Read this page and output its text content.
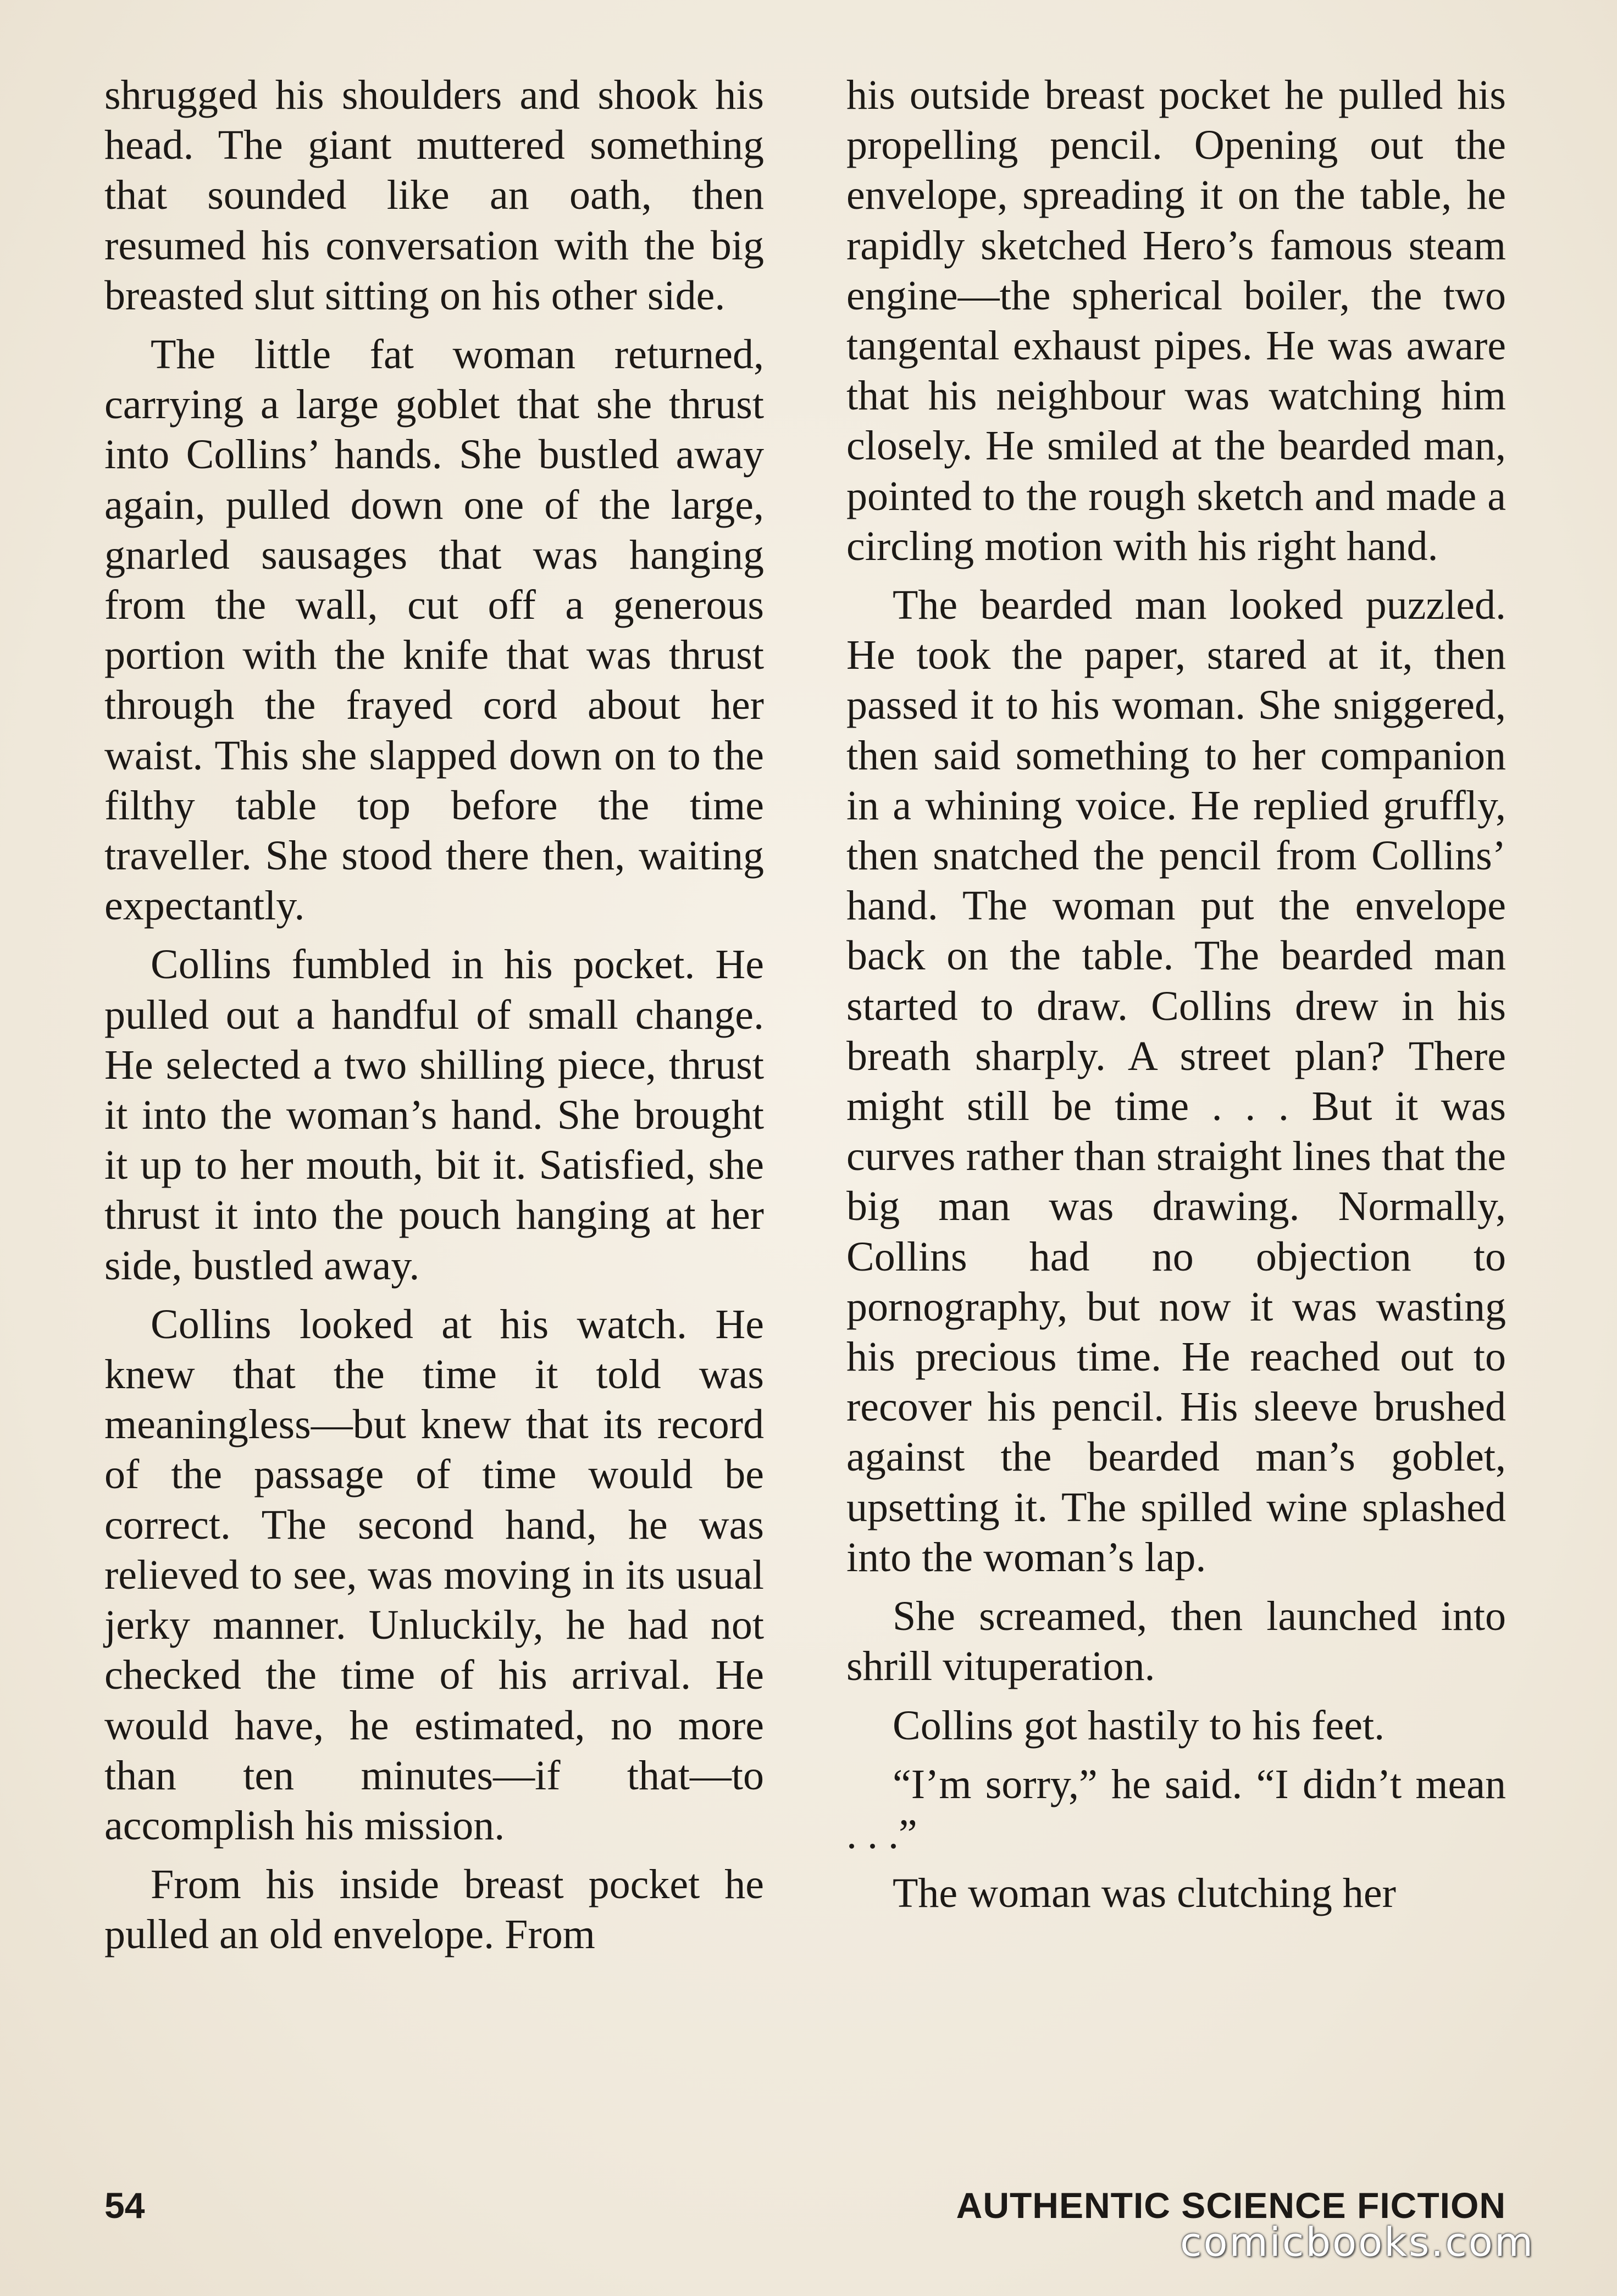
shrugged his shoulders and shook his head. The giant muttered something that sounded like an oath, then resumed his conversation with the big breasted slut sitting on his other side.

The little fat woman returned, carrying a large goblet that she thrust into Collins’ hands. She bustled away again, pulled down one of the large, gnarled sausages that was hanging from the wall, cut off a generous portion with the knife that was thrust through the frayed cord about her waist. This she slapped down on to the filthy table top before the time traveller. She stood there then, waiting expectantly.

Collins fumbled in his pocket. He pulled out a handful of small change. He selected a two shilling piece, thrust it into the woman’s hand. She brought it up to her mouth, bit it. Satisfied, she thrust it into the pouch hanging at her side, bustled away.

Collins looked at his watch. He knew that the time it told was meaningless—but knew that its record of the passage of time would be correct. The second hand, he was relieved to see, was moving in its usual jerky manner. Unluckily, he had not checked the time of his arrival. He would have, he estimated, no more than ten minutes—if that—to accomplish his mission.

From his inside breast pocket he pulled an old envelope. From

his outside breast pocket he pulled his propelling pencil. Opening out the envelope, spreading it on the table, he rapidly sketched Hero’s famous steam engine—the spherical boiler, the two tangental exhaust pipes. He was aware that his neighbour was watching him closely. He smiled at the bearded man, pointed to the rough sketch and made a circling motion with his right hand.

The bearded man looked puzzled. He took the paper, stared at it, then passed it to his woman. She sniggered, then said something to her companion in a whining voice. He replied gruffly, then snatched the pencil from Collins’ hand. The woman put the envelope back on the table. The bearded man started to draw. Collins drew in his breath sharply. A street plan? There might still be time . . . But it was curves rather than straight lines that the big man was drawing. Normally, Collins had no objection to pornography, but now it was wasting his precious time. He reached out to recover his pencil. His sleeve brushed against the bearded man’s goblet, upsetting it. The spilled wine splashed into the woman’s lap.

She screamed, then launched into shrill vituperation.

Collins got hastily to his feet.

“I’m sorry,” he said. “I didn’t mean . . .”

The woman was clutching her

54	AUTHENTIC SCIENCE FICTION
comicbooks.com
